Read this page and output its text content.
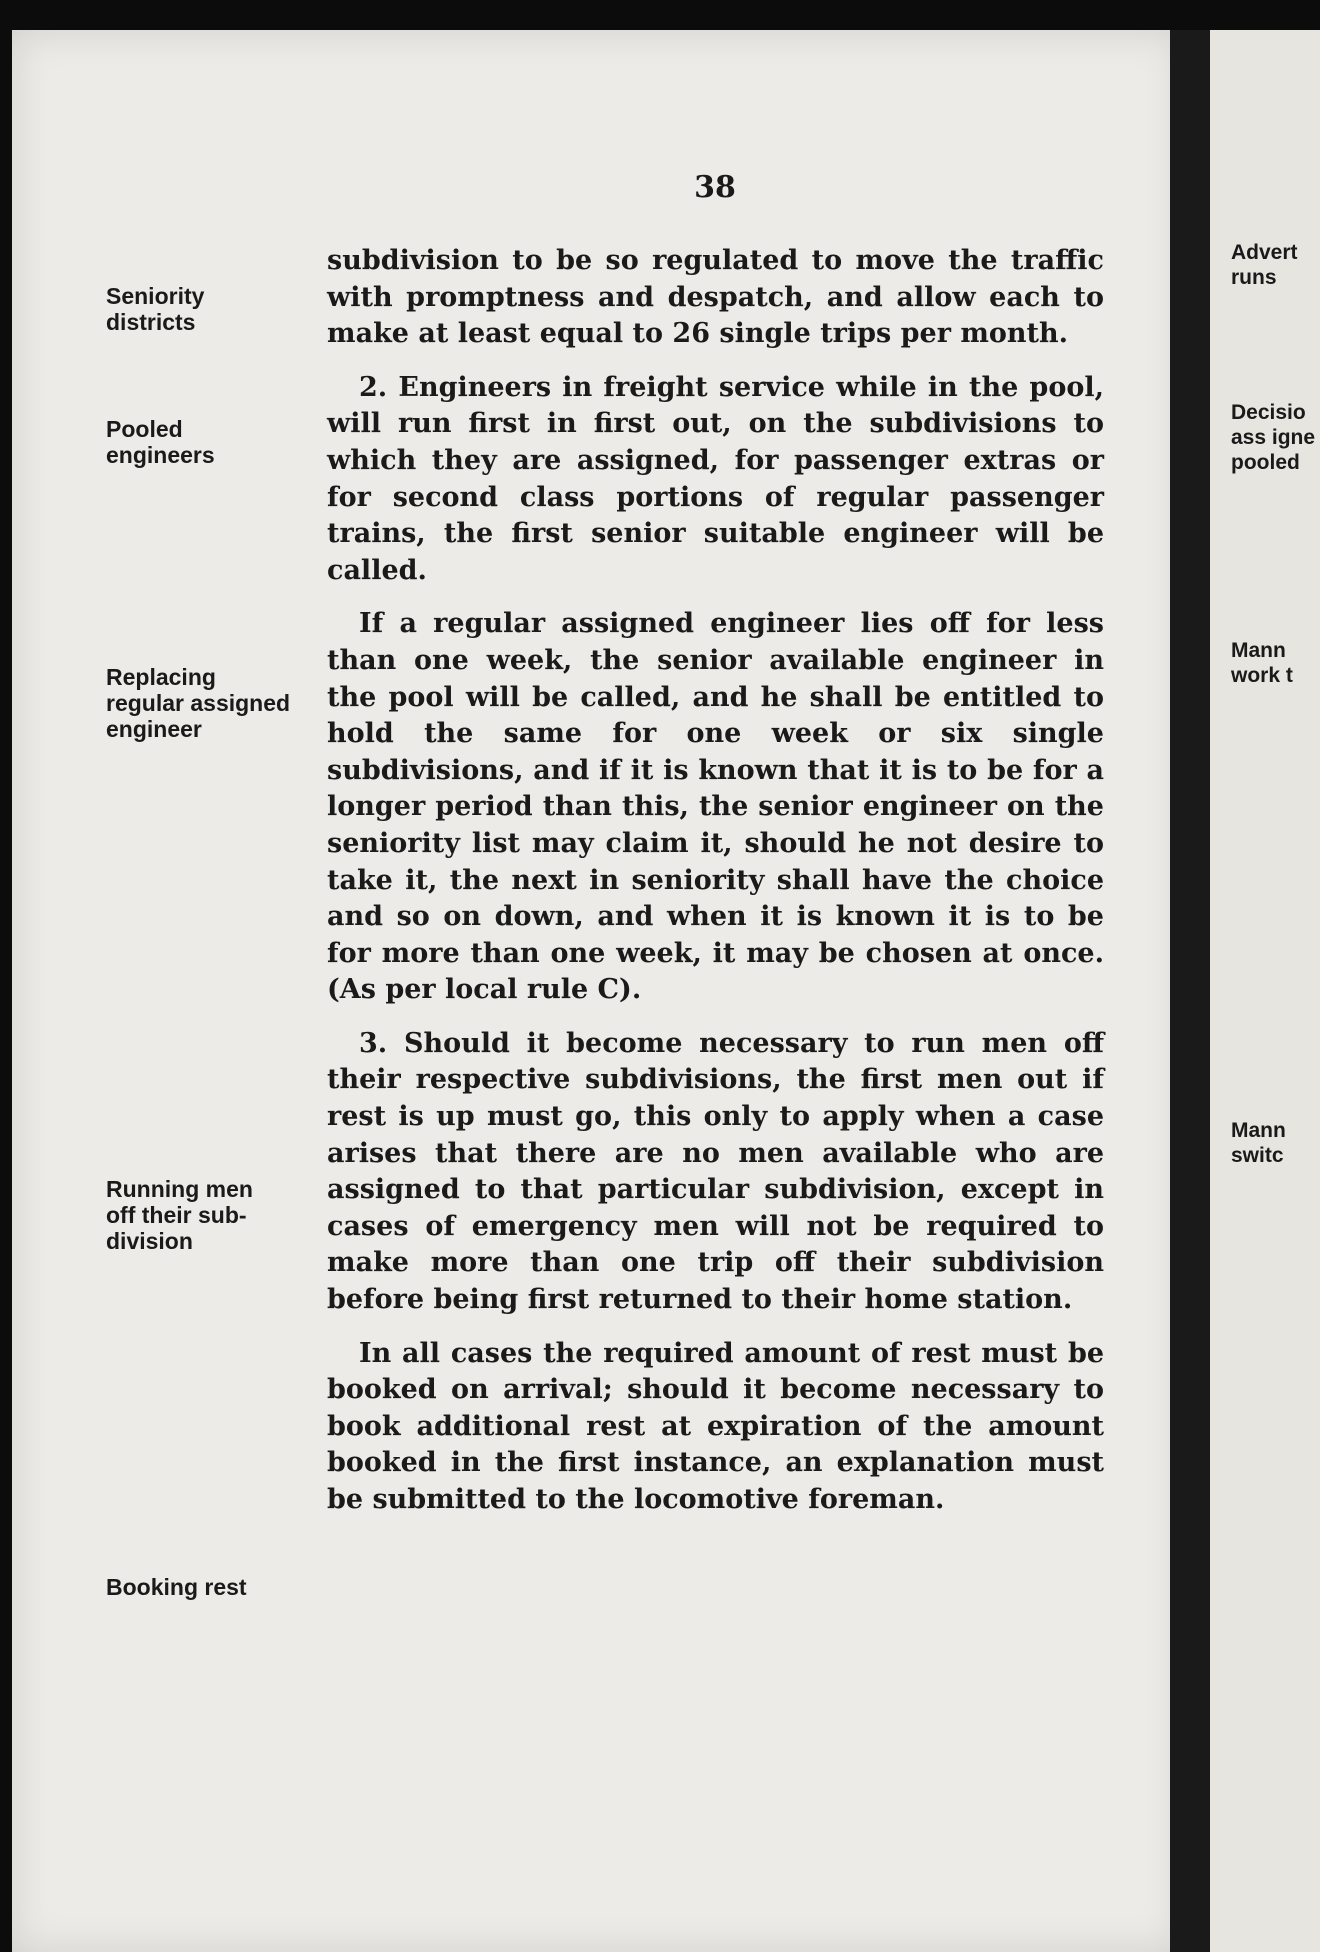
Advert
runs
Decisio
ass igne
pooled
Mann
work t
Mann
switc
38
Seniority
districts
Pooled
engineers
Replacing
regular assigned
engineer
Running men
off their sub-
division
Booking rest

subdivision to be so regulated to move the traffic with promptness and despatch, and allow each to make at least equal to 26 single trips per month.

2. Engineers in freight service while in the pool, will run first in first out, on the subdivisions to which they are assigned, for passenger extras or for second class portions of regular passenger trains, the first senior suitable engineer will be called.

If a regular assigned engineer lies off for less than one week, the senior available engineer in the pool will be called, and he shall be entitled to hold the same for one week or six single subdivisions, and if it is known that it is to be for a longer period than this, the senior engineer on the seniority list may claim it, should he not desire to take it, the next in seniority shall have the choice and so on down, and when it is known it is to be for more than one week, it may be chosen at once. (As per local rule C).

3. Should it become necessary to run men off their respective subdivisions, the first men out if rest is up must go, this only to apply when a case arises that there are no men available who are assigned to that particular subdivision, except in cases of emergency men will not be required to make more than one trip off their subdivision before being first returned to their home station.

In all cases the required amount of rest must be booked on arrival; should it become necessary to book additional rest at expiration of the amount booked in the first instance, an explanation must be submitted to the locomotive foreman.
